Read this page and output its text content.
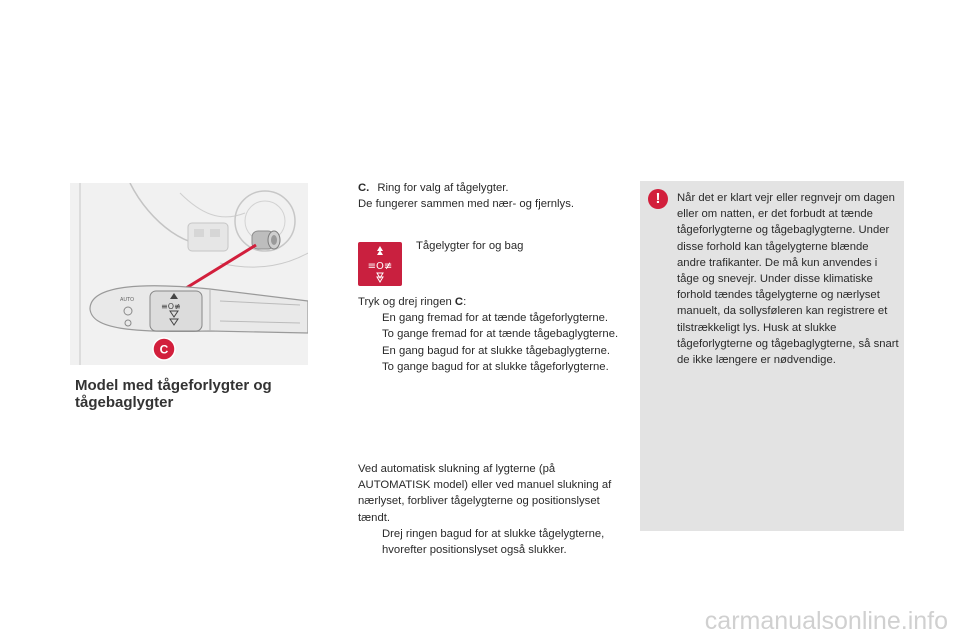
≡O≢
AUTO
C
Model med tågeforlygter og tågebaglygter

C. Ring for valg af tågelygter.

De fungerer sammen med nær- og fjernlys.

≡O≢
Tågelygter for og bag

Tryk og drej ringen C:

En gang fremad for at tænde tågeforlygterne.
To gange fremad for at tænde tågebaglygterne.
En gang bagud for at slukke tågebaglygterne.
To gange bagud for at slukke tågeforlygterne.

Ved automatisk slukning af lygterne (på AUTOMATISK model) eller ved manuel slukning af nærlyset, forbliver tågelygterne og positionslyset tændt.

Drej ringen bagud for at slukke tågelygterne, hvorefter positionslyset også slukker.
!	Når det er klart vejr eller regnvejr om dagen eller om natten, er det forbudt at tænde tågeforlygterne og tågebaglygterne. Under disse forhold kan tågelygterne blænde andre trafikanter. De må kun anvendes i tåge og snevejr. Under disse klimatiske forhold tændes tågelygterne og nærlyset manuelt, da sollysføleren kan registrere et tilstrækkeligt lys. Husk at slukke tågeforlygterne og tågebaglygterne, så snart de ikke længere er nødvendige.
carmanualsonline.info
